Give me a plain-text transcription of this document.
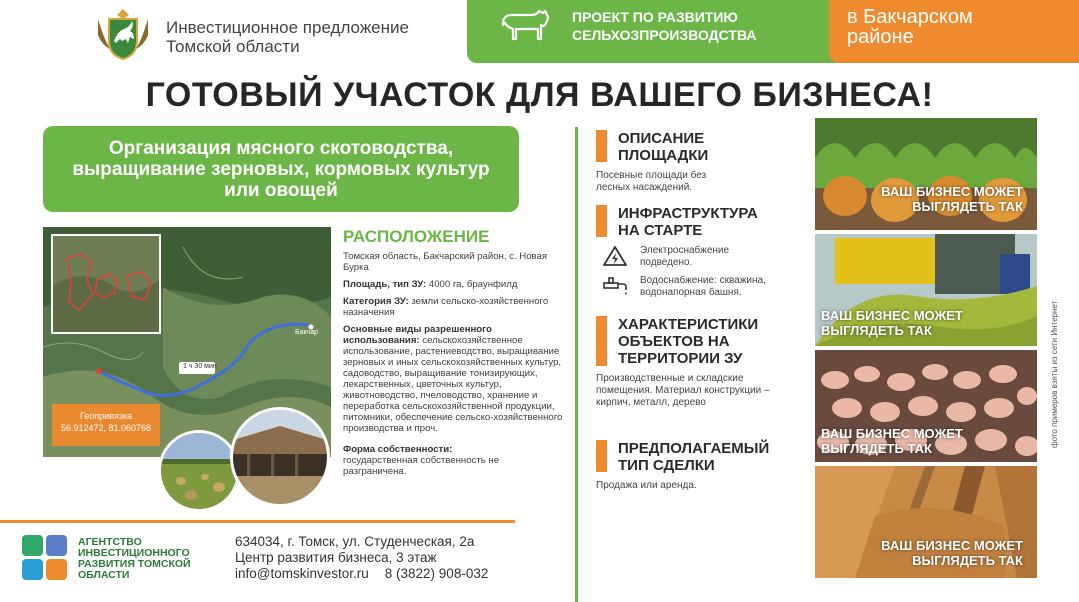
Инвестиционное предложение
Томской области
ПРОЕКТ ПО РАЗВИТИЮ
СЕЛЬХОЗПРОИЗВОДСТВА
в Бакчарском
районе
ГОТОВЫЙ УЧАСТОК ДЛЯ ВАШЕГО БИЗНЕСА!
Организация мясного скотоводства, выращивание зерновых, кормовых культур или овощей
1 ч 30 мин
Бакчар
Геопривязка
56.912472, 81.060768
РАСПОЛОЖЕНИЕ

Томская область, Бакчарский район, с. Новая Бурка

Площадь, тип ЗУ: 4000 га, браунфилд

Категория ЗУ: земли сельско-хозяйственного назначения

Основные виды разрешенного использования: сельскохозяйственное использование, растениеводство, выращивание зерновых и иных сельскохозяйственных культур, садоводство, выращивание тонизирующих, лекарственных, цветочных культур, животноводство, пчеловодство, хранение и переработка сельскохозяйственной продукции, питомники, обеспечение сельско-хозяйственного производства и проч.

Форма собственности:
государственная собственность не разграничена.

АГЕНТСТВО ИНВЕСТИЦИОННОГО РАЗВИТИЯ ТОМСКОЙ ОБЛАСТИ
634034, г. Томск, ул. Студенческая, 2а
Центр развития бизнеса, 3 этаж
info@tomskinvestor.ru 8 (3822) 908-032
ОПИСАНИЕ ПЛОЩАДКИ
Посевные площади без лесных насаждений.
ИНФРАСТРУКТУРА НА СТАРТЕ
Электроснабжение подведено.
Водоснабжение: скважина, водонапорная башня.
ХАРАКТЕРИСТИКИ ОБЪЕКТОВ НА ТЕРРИТОРИИ ЗУ
Производственные и складские помещения. Материал конструкции – кирпич, металл, дерево
ПРЕДПОЛАГАЕМЫЙ ТИП СДЕЛКИ
Продажа или аренда.
ВАШ БИЗНЕС МОЖЕТ ВЫГЛЯДЕТЬ ТАК
ВАШ БИЗНЕС МОЖЕТ ВЫГЛЯДЕТЬ ТАК
ВАШ БИЗНЕС МОЖЕТ ВЫГЛЯДЕТЬ ТАК
ВАШ БИЗНЕС МОЖЕТ ВЫГЛЯДЕТЬ ТАК
фото примеров взяты из сети Интернет
